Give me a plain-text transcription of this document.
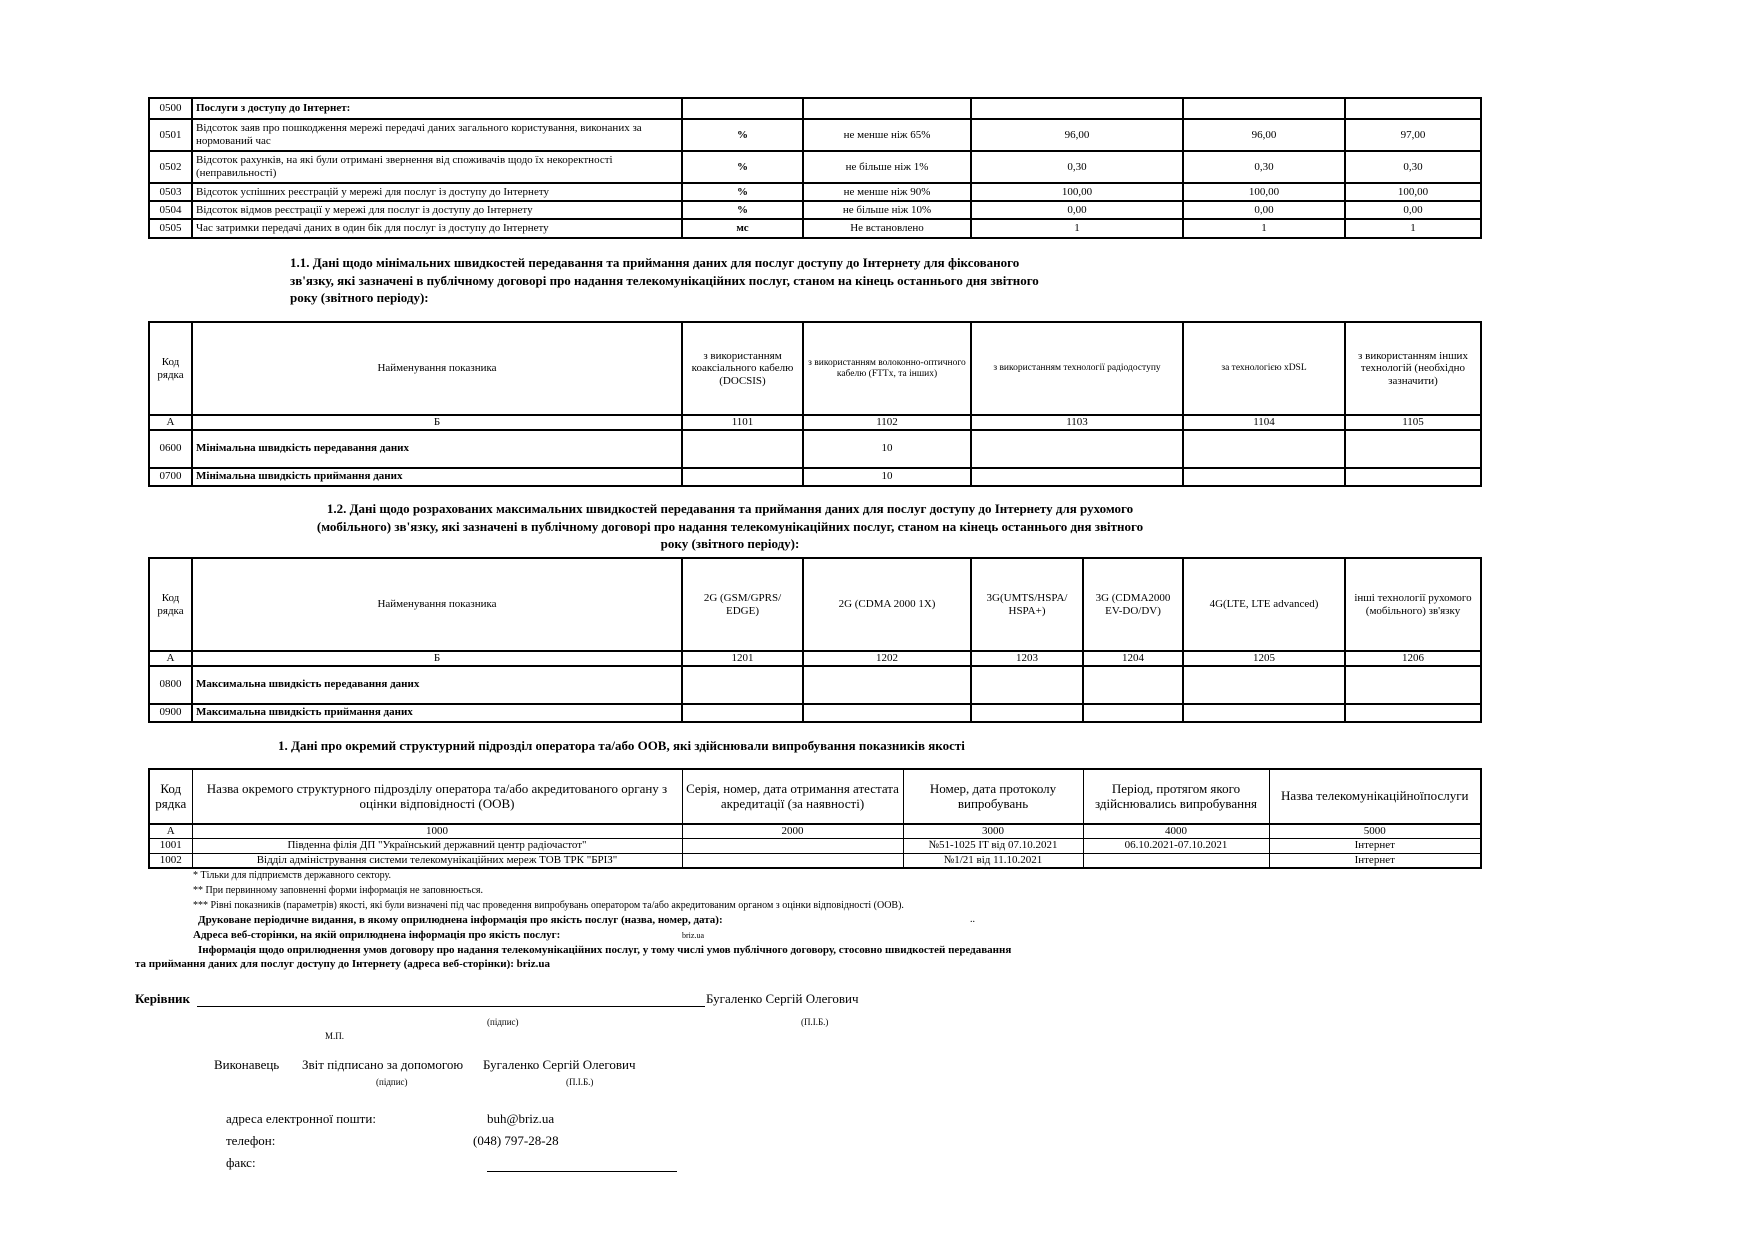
0500	Послуги з доступу до Інтернет:					
0501	Відсоток заяв про пошкодження мережі передачі даних загального користування, виконаних за нормований час	%	не менше ніж 65%	96,00	96,00	97,00
0502	Відсоток рахунків, на які були отримані звернення від споживачів щодо їх некоректності (неправильності)	%	не більше ніж 1%	0,30	0,30	0,30
0503	Відсоток успішних реєстрацій у мережі для послуг із доступу до Інтернету	%	не менше ніж 90%	100,00	100,00	100,00
0504	Відсоток відмов реєстрації у мережі для послуг із доступу до Інтернету	%	не більше ніж 10%	0,00	0,00	0,00
0505	Час затримки передачі даних в один бік для послуг із доступу до Інтернету	мс	Не встановлено	1	1	1
1.1. Дані щодо мінімальних швидкостей передавання та приймання даних для послуг доступу до Інтернету для фіксованого
зв'язку, які зазначені в публічному договорі про надання телекомунікаційних послуг, станом на кінець останнього дня звітного
року (звітного періоду):
Код рядка	Найменування показника	з використанням коаксіального кабелю (DOCSIS)	з використанням волоконно-оптичного кабелю (FTTx, та інших)	з використанням технології радіодоступу	за технологією xDSL	з використанням інших технологій (необхідно зазначити)
А	Б	1101	1102	1103	1104	1105
0600	Мінімальна швидкість передавання даних		10			
0700	Мінімальна швидкість приймання даних		10			
1.2. Дані щодо розрахованих максимальних швидкостей передавання та приймання даних для послуг доступу до Інтернету для рухомого
(мобільного) зв'язку, які зазначені в публічному договорі про надання телекомунікаційних послуг, станом на кінець останнього дня звітного
року (звітного періоду):
Код рядка	Найменування показника	2G (GSM/GPRS/ EDGE)	2G (CDMA 2000 1X)	3G(UMTS/HSPA/ HSPA+)	3G (CDMA2000 EV-DO/DV)	4G(LTE, LTE advanced)	інші технології рухомого (мобільного) зв'язку
А	Б	1201	1202	1203	1204	1205	1206
0800	Максимальна швидкість передавання даних						
0900	Максимальна швидкість приймання даних						
1. Дані про окремий структурний підрозділ оператора та/або ООВ, які здійснювали випробування показників якості
Код рядка	Назва окремого структурного підрозділу оператора та/або акредитованого органу з оцінки відповідності (ООВ)	Серія, номер, дата отримання атестата акредитації (за наявності)	Номер, дата протоколу випробувань	Період, протягом якого здійснювались випробування	Назва телекомунікаційноїпослуги
А	1000	2000	3000	4000	5000
1001	Південна філія ДП "Український державний центр радіочастот"		№51-1025 IT від 07.10.2021	06.10.2021-07.10.2021	Інтернет
1002	Відділ адміністрування системи телекомунікаційних мереж ТОВ ТРК "БРІЗ"		№1/21 від 11.10.2021		Інтернет
* Тільки для підприємств державного сектору.
** При первинному заповненні форми інформація не заповнюється.
*** Рівні показників (параметрів) якості, які були визначені під час проведення випробувань оператором та/або акредитованим органом з оцінки відповідності (ООВ).
Друковане періодичне видання, в якому оприлюднена інформація про якість послуг (назва, номер, дата):	..
Адреса веб-сторінки, на якій оприлюднена інформація про якість послуг:	briz.ua
Інформація щодо оприлюднення умов договору про надання телекомунікаційних послуг, у тому числі умов публічного договору, стосовно швидкостей передавання
та приймання даних для послуг доступу до Інтернету (адреса веб-сторінки): briz.ua
Керівник	Бугаленко Сергій Олегович
(підпис)	(П.І.Б.)
М.П.
Виконавець Звіт підписано за допомогою Бугаленко Сергій Олегович
(підпис)	(П.І.Б.)
адреса електронної пошти:	buh@briz.ua
телефон:	(048) 797-28-28
факс:
